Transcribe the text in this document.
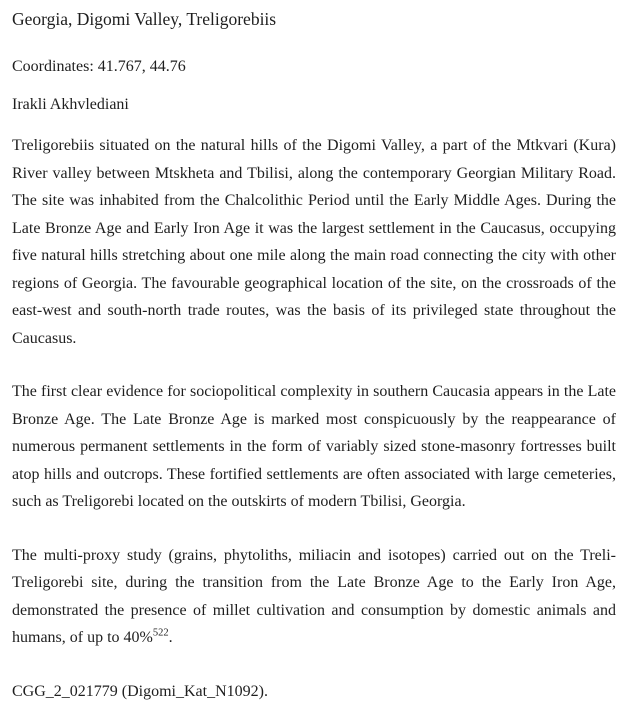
Georgia, Digomi Valley, Treligorebiis

Coordinates: 41.767, 44.76

Irakli Akhvlediani

Treligorebiis situated on the natural hills of the Digomi Valley, a part of the Mtkvari (Kura) River valley between Mtskheta and Tbilisi, along the contemporary Georgian Military Road. The site was inhabited from the Chalcolithic Period until the Early Middle Ages. During the Late Bronze Age and Early Iron Age it was the largest settlement in the Caucasus, occupying five natural hills stretching about one mile along the main road connecting the city with other regions of Georgia. The favourable geographical location of the site, on the crossroads of the east-west and south-north trade routes, was the basis of its privileged state throughout the Caucasus.

The first clear evidence for sociopolitical complexity in southern Caucasia appears in the Late Bronze Age. The Late Bronze Age is marked most conspicuously by the reappearance of numerous permanent settlements in the form of variably sized stone-masonry fortresses built atop hills and outcrops. These fortified settlements are often associated with large cemeteries, such as Treligorebi located on the outskirts of modern Tbilisi, Georgia.

The multi-proxy study (grains, phytoliths, miliacin and isotopes) carried out on the Treli-Treligorebi site, during the transition from the Late Bronze Age to the Early Iron Age, demonstrated the presence of millet cultivation and consumption by domestic animals and humans, of up to 40%$^{522}$.

CGG_2_021779 (Digomi_Kat_N1092).
